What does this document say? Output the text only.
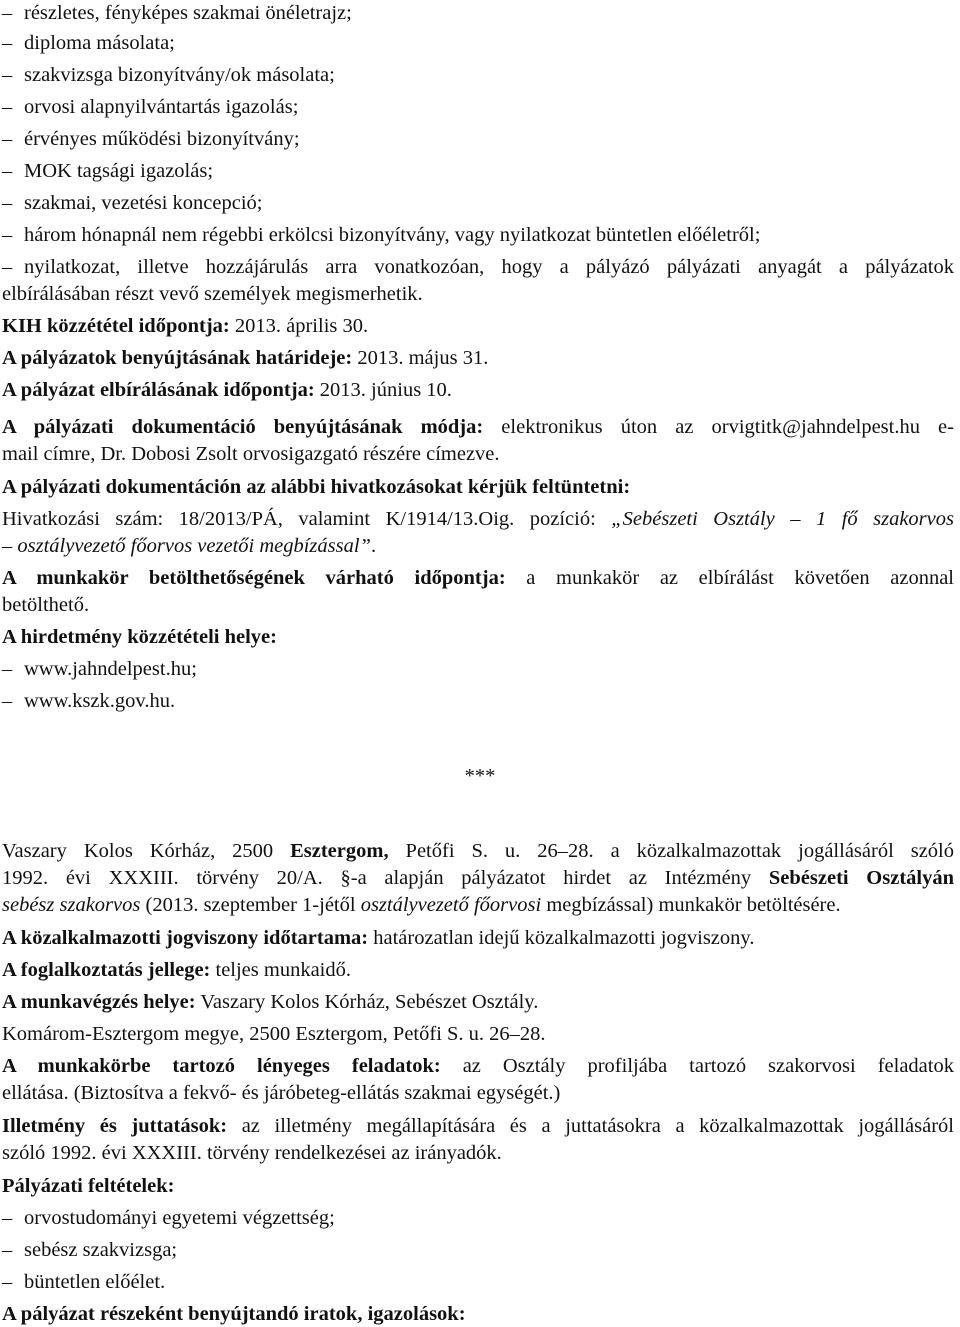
– részletes, fényképes szakmai önéletrajz;
– diploma másolata;
– szakvizsga bizonyítvány/ok másolata;
– orvosi alapnyilvántartás igazolás;
– érvényes működési bizonyítvány;
– MOK tagsági igazolás;
– szakmai, vezetési koncepció;
– három hónapnál nem régebbi erkölcsi bizonyítvány, vagy nyilatkozat büntetlen előéletről;
– nyilatkozat, illetve hozzájárulás arra vonatkozóan, hogy a pályázó pályázati anyagát a pályázatok
elbírálásában részt vevő személyek megismerhetik.
KIH közzététel időpontja: 2013. április 30.
A pályázatok benyújtásának határideje: 2013. május 31.
A pályázat elbírálásának időpontja: 2013. június 10.
A pályázati dokumentáció benyújtásának módja: elektronikus úton az orvigtitk@jahndelpest.hu e-
mail címre, Dr. Dobosi Zsolt orvosigazgató részére címezve.
A pályázati dokumentáción az alábbi hivatkozásokat kérjük feltüntetni:
Hivatkozási szám: 18/2013/PÁ, valamint K/1914/13.Oig. pozíció: „Sebészeti Osztály – 1 fő szakorvos
– osztályvezető főorvos vezetői megbízással”.
A munkakör betölthetőségének várható időpontja: a munkakör az elbírálást követően azonnal
betölthető.
A hirdetmény közzétételi helye:
– www.jahndelpest.hu;
– www.kszk.gov.hu.
***
Vaszary Kolos Kórház, 2500 Esztergom, Petőfi S. u. 26–28. a közalkalmazottak jogállásáról szóló
1992. évi XXXIII. törvény 20/A. §-a alapján pályázatot hirdet az Intézmény Sebészeti Osztályán
sebész szakorvos (2013. szeptember 1-jétől osztályvezető főorvosi megbízással) munkakör betöltésére.
A közalkalmazotti jogviszony időtartama: határozatlan idejű közalkalmazotti jogviszony.
A foglalkoztatás jellege: teljes munkaidő.
A munkavégzés helye: Vaszary Kolos Kórház, Sebészet Osztály.
Komárom-Esztergom megye, 2500 Esztergom, Petőfi S. u. 26–28.
A munkakörbe tartozó lényeges feladatok: az Osztály profiljába tartozó szakorvosi feladatok
ellátása. (Biztosítva a fekvő- és járóbeteg-ellátás szakmai egységét.)
Illetmény és juttatások: az illetmény megállapítására és a juttatásokra a közalkalmazottak jogállásáról
szóló 1992. évi XXXIII. törvény rendelkezései az irányadók.
Pályázati feltételek:
– orvostudományi egyetemi végzettség;
– sebész szakvizsga;
– büntetlen előélet.
A pályázat részeként benyújtandó iratok, igazolások:
